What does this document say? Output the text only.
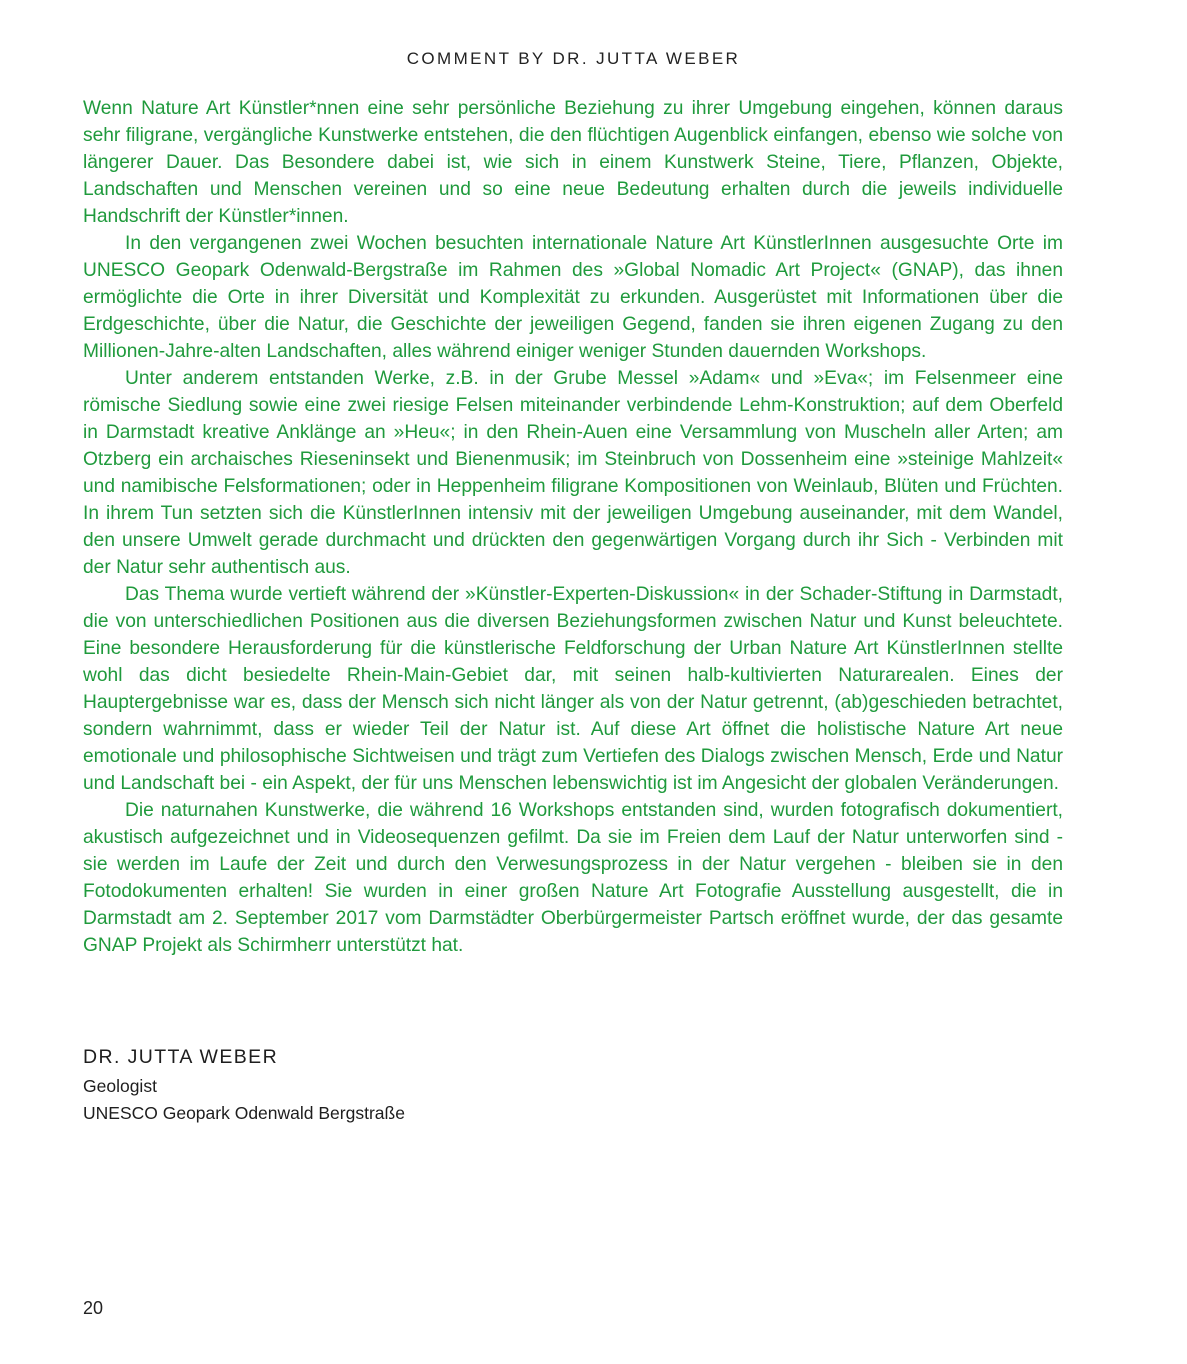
COMMENT BY DR. JUTTA WEBER

Wenn Nature Art Künstler*nnen eine sehr persönliche Beziehung zu ihrer Umgebung eingehen, können daraus sehr filigrane, vergängliche Kunstwerke entstehen, die den flüchtigen Augenblick einfangen, ebenso wie solche von längerer Dauer. Das Besondere dabei ist, wie sich in einem Kunstwerk Steine, Tiere, Pflanzen, Objekte, Landschaften und Menschen vereinen und so eine neue Bedeutung erhalten durch die jeweils individuelle Handschrift der Künstler*innen.

In den vergangenen zwei Wochen besuchten internationale Nature Art KünstlerInnen ausgesuchte Orte im UNESCO Geopark Odenwald-Bergstraße im Rahmen des »Global Nomadic Art Project« (GNAP), das ihnen ermöglichte die Orte in ihrer Diversität und Komplexität zu erkunden. Ausgerüstet mit Informationen über die Erdgeschichte, über die Natur, die Geschichte der jeweiligen Gegend, fanden sie ihren eigenen Zugang zu den Millionen-Jahre-alten Landschaften, alles während einiger weniger Stunden dauernden Workshops.

Unter anderem entstanden Werke, z.B. in der Grube Messel »Adam« und »Eva«; im Felsenmeer eine römische Siedlung sowie eine zwei riesige Felsen miteinander verbindende Lehm-Konstruktion; auf dem Oberfeld in Darmstadt kreative Anklänge an »Heu«; in den Rhein-Auen eine Versammlung von Muscheln aller Arten; am Otzberg ein archaisches Rieseninsekt und Bienenmusik; im Steinbruch von Dossenheim eine »steinige Mahlzeit« und namibische Felsformationen; oder in Heppenheim filigrane Kompositionen von Weinlaub, Blüten und Früchten. In ihrem Tun setzten sich die KünstlerInnen intensiv mit der jeweiligen Umgebung auseinander, mit dem Wandel, den unsere Umwelt gerade durchmacht und drückten den gegenwärtigen Vorgang durch ihr Sich - Verbinden mit der Natur sehr authentisch aus.

Das Thema wurde vertieft während der »Künstler-Experten-Diskussion« in der Schader-Stiftung in Darmstadt, die von unterschiedlichen Positionen aus die diversen Beziehungsformen zwischen Natur und Kunst beleuchtete. Eine besondere Herausforderung für die künstlerische Feldforschung der Urban Nature Art KünstlerInnen stellte wohl das dicht besiedelte Rhein-Main-Gebiet dar, mit seinen halb-kultivierten Naturarealen. Eines der Hauptergebnisse war es, dass der Mensch sich nicht länger als von der Natur getrennt, (ab)geschieden betrachtet, sondern wahrnimmt, dass er wieder Teil der Natur ist. Auf diese Art öffnet die holistische Nature Art neue emotionale und philosophische Sichtweisen und trägt zum Vertiefen des Dialogs zwischen Mensch, Erde und Natur und Landschaft bei - ein Aspekt, der für uns Menschen lebenswichtig ist im Angesicht der globalen Veränderungen.

Die naturnahen Kunstwerke, die während 16 Workshops entstanden sind, wurden fotografisch dokumentiert, akustisch aufgezeichnet und in Videosequenzen gefilmt. Da sie im Freien dem Lauf der Natur unterworfen sind - sie werden im Laufe der Zeit und durch den Verwesungsprozess in der Natur vergehen - bleiben sie in den Fotodokumenten erhalten! Sie wurden in einer großen Nature Art Fotografie Ausstellung ausgestellt, die in Darmstadt am 2. September 2017 vom Darmstädter Oberbürgermeister Partsch eröffnet wurde, der das gesamte GNAP Projekt als Schirmherr unterstützt hat.

DR. JUTTA WEBER
Geologist
UNESCO Geopark Odenwald Bergstraße
20
